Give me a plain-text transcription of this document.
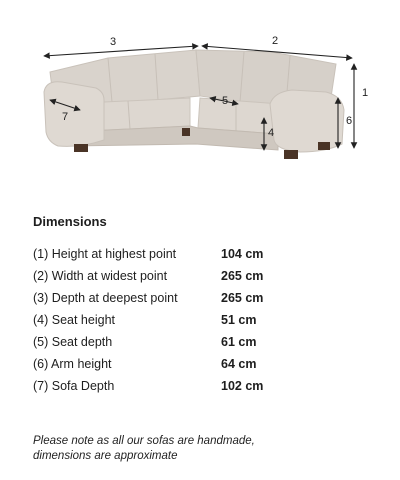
3	2
1
6
7
5
4
Dimensions
(1) Height at highest point	104 cm
(2) Width at widest point	265 cm
(3) Depth at deepest point	265 cm
(4) Seat height	51 cm
(5) Seat depth	61 cm
(6) Arm height	64 cm
(7) Sofa Depth	102 cm

Please note as all our sofas are handmade,

dimensions are approximate
